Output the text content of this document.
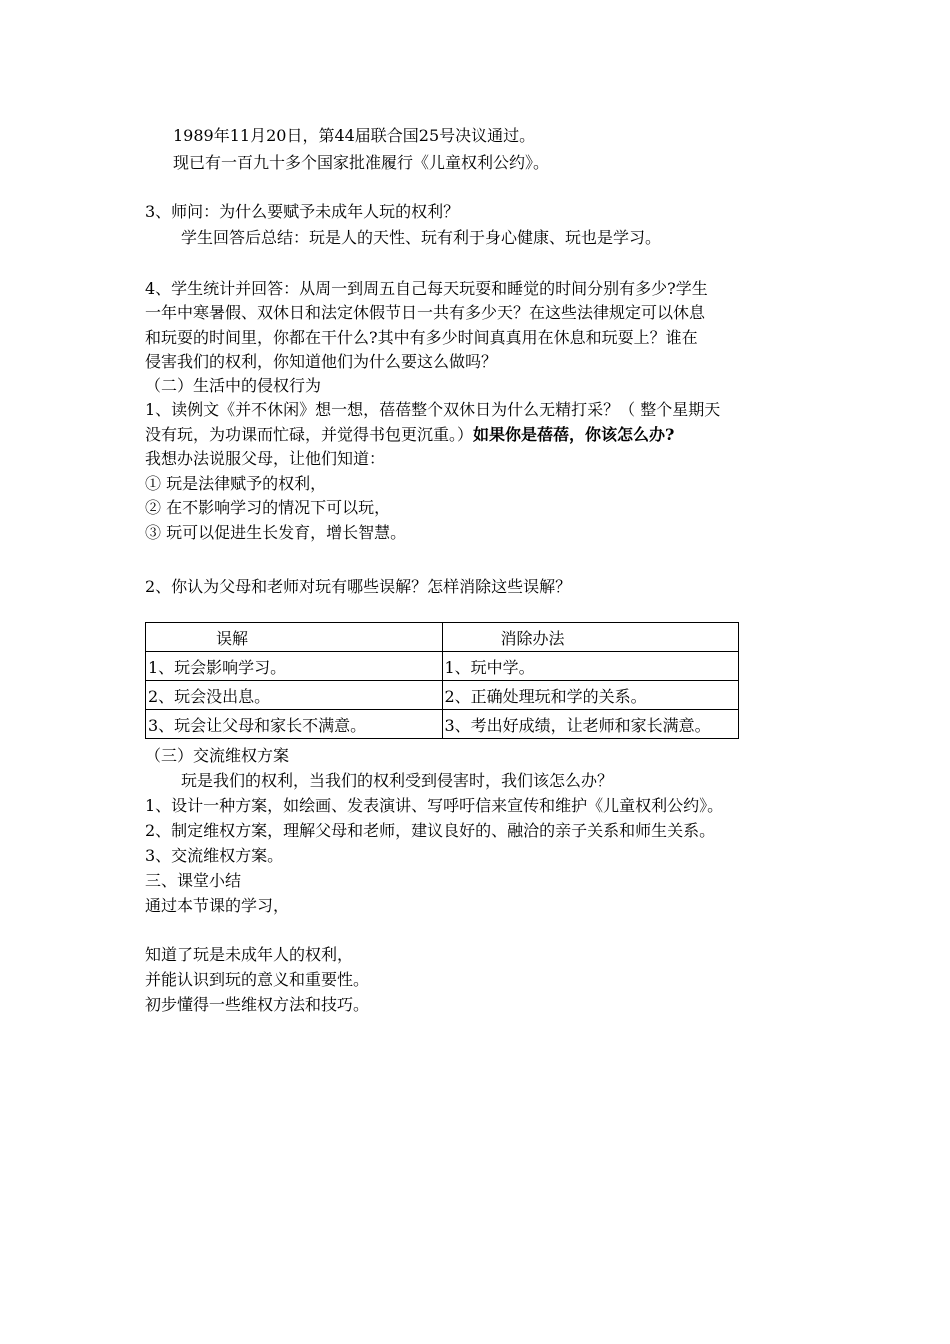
1989年11月20日，第44届联合国25号决议通过。
现已有一百九十多个国家批准履行《儿童权利公约》。
3、师问：为什么要赋予未成年人玩的权利？
学生回答后总结：玩是人的天性、玩有利于身心健康、玩也是学习。
4、学生统计并回答：从周一到周五自己每天玩耍和睡觉的时间分别有多少?学生
一年中寒暑假、双休日和法定休假节日一共有多少天？在这些法律规定可以休息
和玩耍的时间里，你都在干什么?其中有多少时间真真用在休息和玩耍上？谁在
侵害我们的权利，你知道他们为什么要这么做吗？
（二）生活中的侵权行为
1、读例文《并不休闲》想一想，蓓蓓整个双休日为什么无精打采？（ 整个星期天
没有玩，为功课而忙碌，并觉得书包更沉重。）如果你是蓓蓓，你该怎么办?
我想办法说服父母，让他们知道：
① 玩是法律赋予的权利，
② 在不影响学习的情况下可以玩，
③ 玩可以促进生长发育，增长智慧。
2、你认为父母和老师对玩有哪些误解？怎样消除这些误解？
误解	消除办法
1、玩会影响学习。	1、玩中学。
2、玩会没出息。	2、正确处理玩和学的关系。
3、玩会让父母和家长不满意。	3、考出好成绩，让老师和家长满意。
（三）交流维权方案
玩是我们的权利，当我们的权利受到侵害时，我们该怎么办？
1、设计一种方案，如绘画、发表演讲、写呼吁信来宣传和维护《儿童权利公约》。
2、制定维权方案，理解父母和老师，建议良好的、融洽的亲子关系和师生关系。
3、交流维权方案。
三、课堂小结
通过本节课的学习，
知道了玩是未成年人的权利，
并能认识到玩的意义和重要性。
初步懂得一些维权方法和技巧。
